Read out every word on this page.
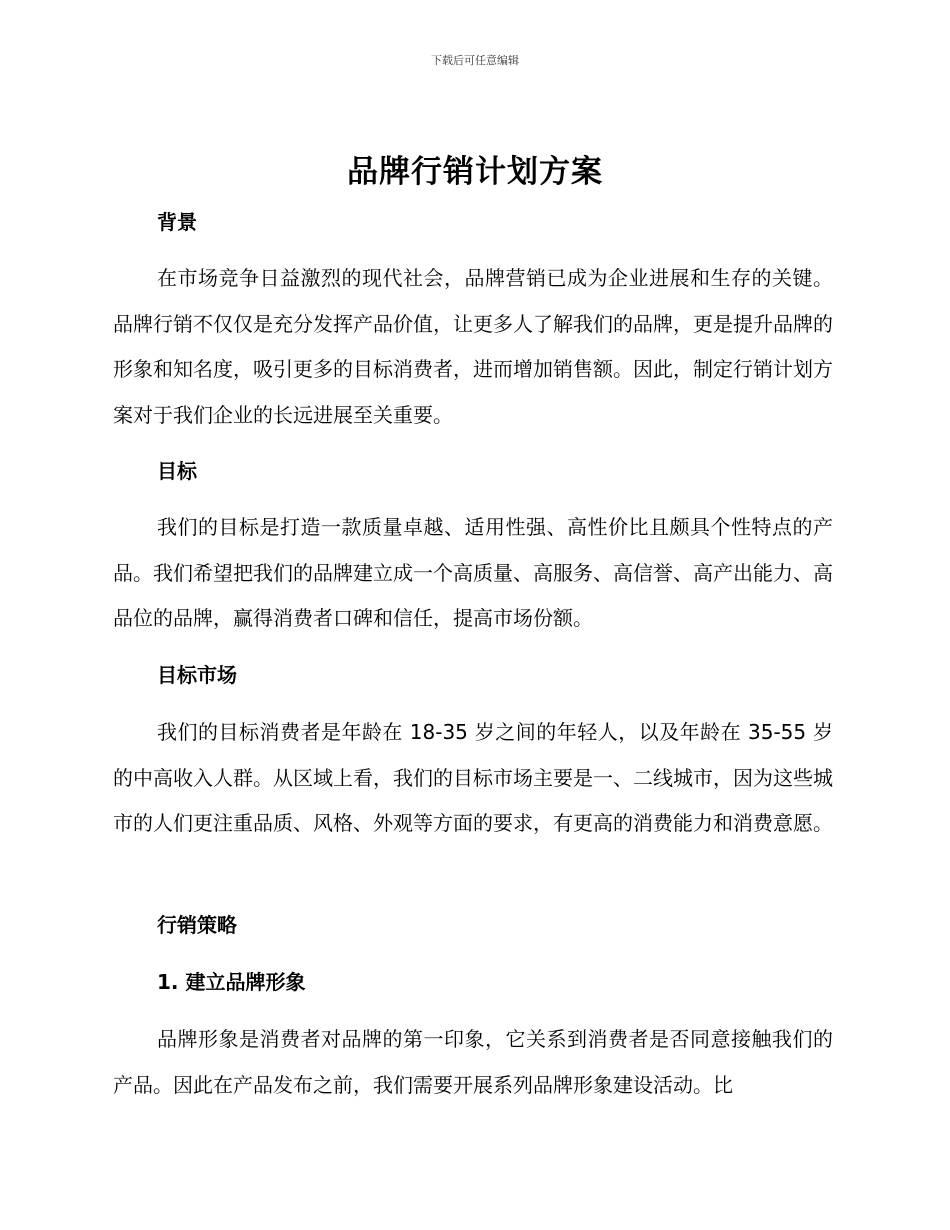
下载后可任意编辑
品牌行销计划方案
背景
在市场竞争日益激烈的现代社会，品牌营销已成为企业进展和生存的关键。品牌行销不仅仅是充分发挥产品价值，让更多人了解我们的品牌，更是提升品牌的形象和知名度，吸引更多的目标消费者，进而增加销售额。因此，制定行销计划方案对于我们企业的长远进展至关重要。
目标
我们的目标是打造一款质量卓越、适用性强、高性价比且颇具个性特点的产品。我们希望把我们的品牌建立成一个高质量、高服务、高信誉、高产出能力、高品位的品牌，赢得消费者口碑和信任，提高市场份额。
目标市场
我们的目标消费者是年龄在 18-35 岁之间的年轻人，以及年龄在 35-55 岁的中高收入人群。从区域上看，我们的目标市场主要是一、二线城市，因为这些城市的人们更注重品质、风格、外观等方面的要求，有更高的消费能力和消费意愿。
行销策略
1. 建立品牌形象
品牌形象是消费者对品牌的第一印象，它关系到消费者是否同意接触我们的产品。因此在产品发布之前，我们需要开展系列品牌形象建设活动。比
